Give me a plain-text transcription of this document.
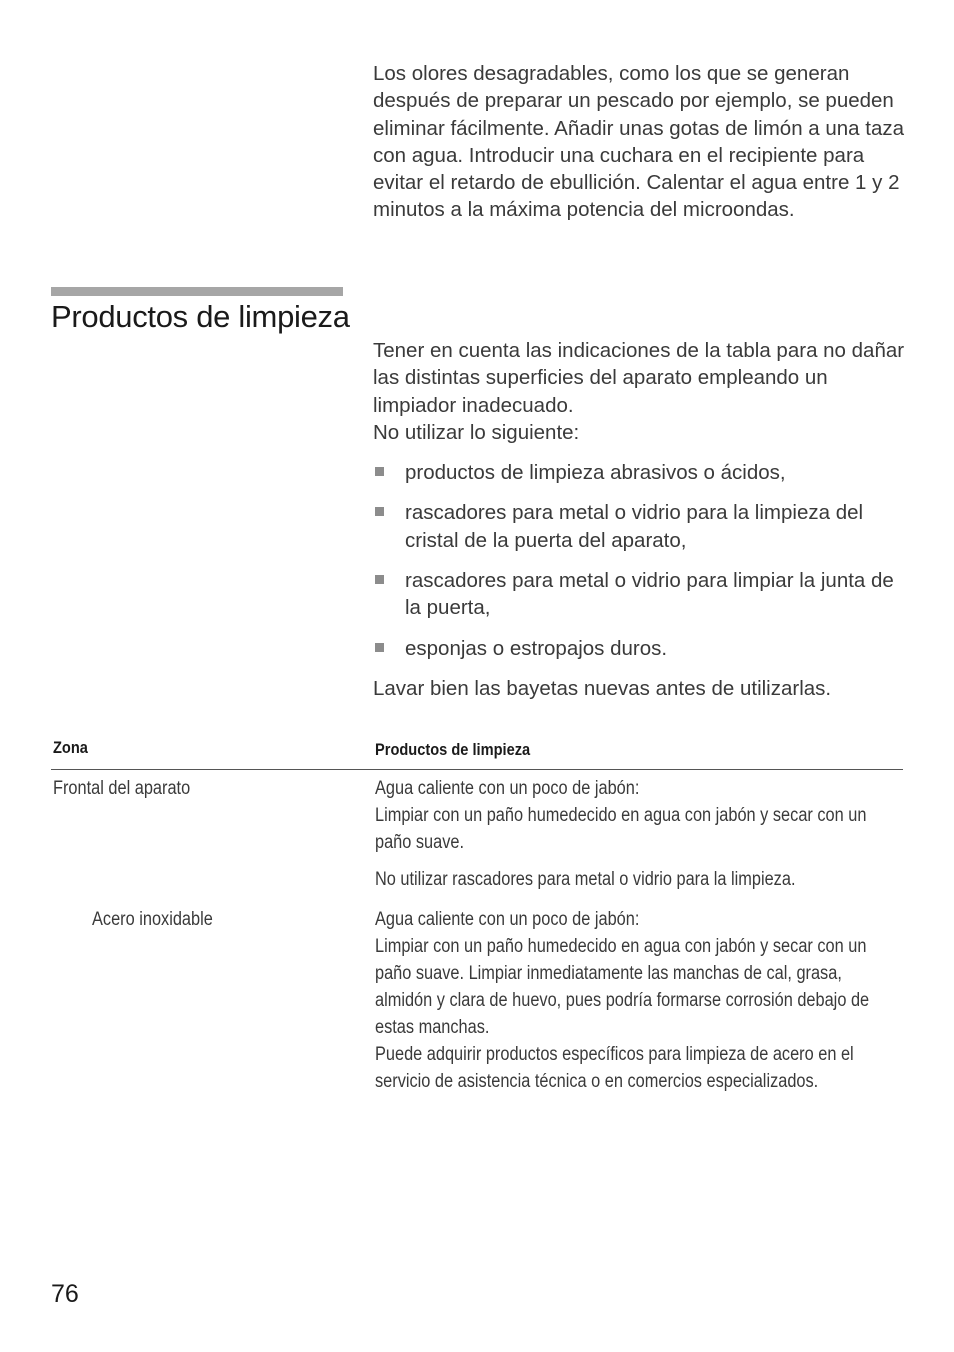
Los olores desagradables, como los que se generan después de preparar un pescado por ejemplo, se pueden eliminar fácilmente. Añadir unas gotas de limón a una taza con agua. Introducir una cuchara en el recipiente para evitar el retardo de ebullición. Calentar el agua entre 1 y 2 minutos a la máxima potencia del microondas.

Productos de limpieza

Tener en cuenta las indicaciones de la tabla para no dañar las distintas superficies del aparato empleando un limpiador inadecuado.

No utilizar lo siguiente:

productos de limpieza abrasivos o ácidos,
rascadores para metal o vidrio para la limpieza del cristal de la puerta del aparato,
rascadores para metal o vidrio para limpiar la junta de la puerta,
esponjas o estropajos duros.

Lavar bien las bayetas nuevas antes de utilizarlas.

Zona	Productos de limpieza
Frontal del aparato	Agua caliente con un poco de jabón:

Limpiar con un paño humedecido en agua con jabón y secar con un paño suave.

No utilizar rascadores para metal o vidrio para la limpieza.

Acero inoxidable	Agua caliente con un poco de jabón:

Limpiar con un paño humedecido en agua con jabón y secar con un paño suave. Limpiar inmediatamente las manchas de cal, grasa, almidón y clara de huevo, pues podría formarse corrosión debajo de estas manchas.

Puede adquirir productos específicos para limpieza de acero en el servicio de asistencia técnica o en comercios especializados.

76
